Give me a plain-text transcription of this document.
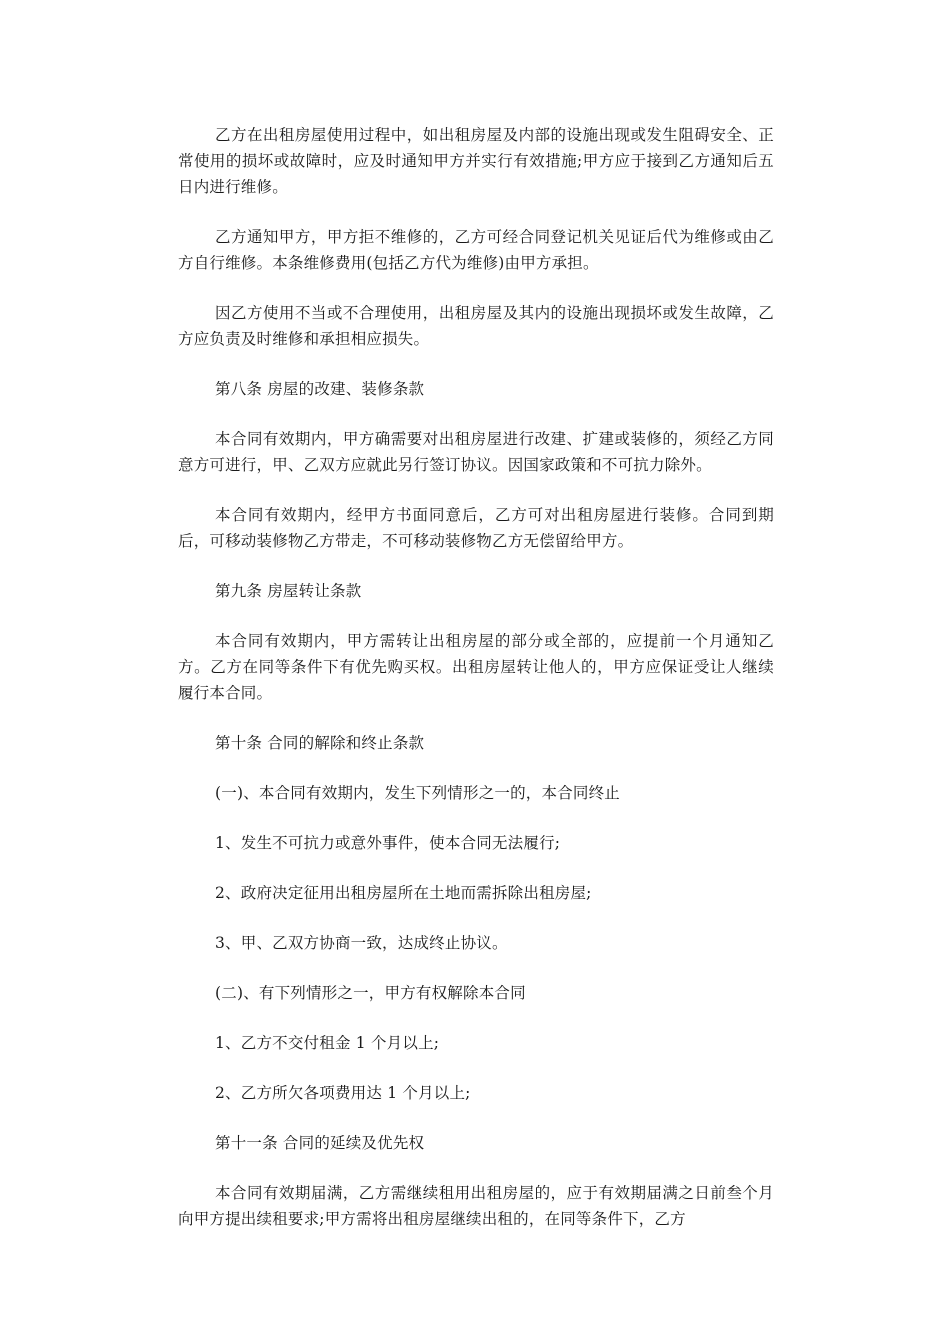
乙方在出租房屋使用过程中，如出租房屋及内部的设施出现或发生阻碍安全、正常使用的损坏或故障时，应及时通知甲方并实行有效措施;甲方应于接到乙方通知后五日内进行维修。

乙方通知甲方，甲方拒不维修的，乙方可经合同登记机关见证后代为维修或由乙方自行维修。本条维修费用(包括乙方代为维修)由甲方承担。

因乙方使用不当或不合理使用，出租房屋及其内的设施出现损坏或发生故障，乙方应负责及时维修和承担相应损失。

第八条 房屋的改建、装修条款

本合同有效期内，甲方确需要对出租房屋进行改建、扩建或装修的，须经乙方同意方可进行，甲、乙双方应就此另行签订协议。因国家政策和不可抗力除外。

本合同有效期内，经甲方书面同意后，乙方可对出租房屋进行装修。合同到期后，可移动装修物乙方带走，不可移动装修物乙方无偿留给甲方。

第九条 房屋转让条款

本合同有效期内，甲方需转让出租房屋的部分或全部的，应提前一个月通知乙方。乙方在同等条件下有优先购买权。出租房屋转让他人的，甲方应保证受让人继续履行本合同。

第十条 合同的解除和终止条款

(一)、本合同有效期内，发生下列情形之一的，本合同终止

1、发生不可抗力或意外事件，使本合同无法履行;

2、政府决定征用出租房屋所在土地而需拆除出租房屋;

3、甲、乙双方协商一致，达成终止协议。

(二)、有下列情形之一，甲方有权解除本合同

1、乙方不交付租金 1 个月以上;

2、乙方所欠各项费用达 1 个月以上;

第十一条 合同的延续及优先权

本合同有效期届满，乙方需继续租用出租房屋的，应于有效期届满之日前叁个月向甲方提出续租要求;甲方需将出租房屋继续出租的，在同等条件下，乙方
